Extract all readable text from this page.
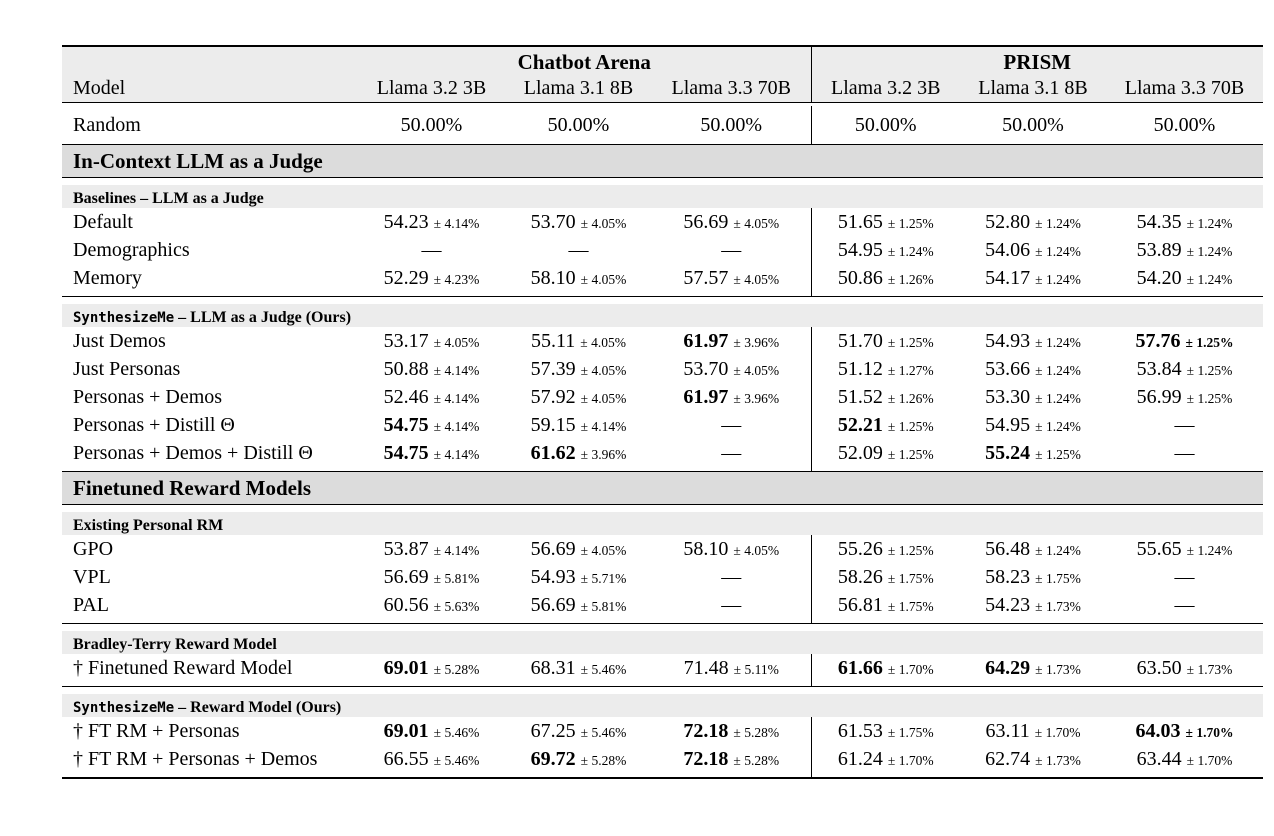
	Chatbot Arena			PRISM		
Model	Llama 3.2 3B	Llama 3.1 8B	Llama 3.3 70B	Llama 3.2 3B	Llama 3.1 8B	Llama 3.3 70B

Random	50.00%	50.00%	50.00%	50.00%	50.00%	50.00%
In-Context LLM as a Judge						

Baselines – LLM as a Judge						
Default	54.23 ± 4.14%	53.70 ± 4.05%	56.69 ± 4.05%	51.65 ± 1.25%	52.80 ± 1.24%	54.35 ± 1.24%
Demographics	—	—	—	54.95 ± 1.24%	54.06 ± 1.24%	53.89 ± 1.24%
Memory	52.29 ± 4.23%	58.10 ± 4.05%	57.57 ± 4.05%	50.86 ± 1.26%	54.17 ± 1.24%	54.20 ± 1.24%

SynthesizeMe – LLM as a Judge (Ours)						
Just Demos	53.17 ± 4.05%	55.11 ± 4.05%	61.97 ± 3.96%	51.70 ± 1.25%	54.93 ± 1.24%	57.76 ± 1.25%
Just Personas	50.88 ± 4.14%	57.39 ± 4.05%	53.70 ± 4.05%	51.12 ± 1.27%	53.66 ± 1.24%	53.84 ± 1.25%
Personas + Demos	52.46 ± 4.14%	57.92 ± 4.05%	61.97 ± 3.96%	51.52 ± 1.26%	53.30 ± 1.24%	56.99 ± 1.25%
Personas + Distill Θ	54.75 ± 4.14%	59.15 ± 4.14%	—	52.21 ± 1.25%	54.95 ± 1.24%	—
Personas + Demos + Distill Θ	54.75 ± 4.14%	61.62 ± 3.96%	—	52.09 ± 1.25%	55.24 ± 1.25%	—

Finetuned Reward Models						

Existing Personal RM						
GPO	53.87 ± 4.14%	56.69 ± 4.05%	58.10 ± 4.05%	55.26 ± 1.25%	56.48 ± 1.24%	55.65 ± 1.24%
VPL	56.69 ± 5.81%	54.93 ± 5.71%	—	58.26 ± 1.75%	58.23 ± 1.75%	—
PAL	60.56 ± 5.63%	56.69 ± 5.81%	—	56.81 ± 1.75%	54.23 ± 1.73%	—

Bradley-Terry Reward Model						
† Finetuned Reward Model	69.01 ± 5.28%	68.31 ± 5.46%	71.48 ± 5.11%	61.66 ± 1.70%	64.29 ± 1.73%	63.50 ± 1.73%

SynthesizeMe – Reward Model (Ours)						
† FT RM + Personas	69.01 ± 5.46%	67.25 ± 5.46%	72.18 ± 5.28%	61.53 ± 1.75%	63.11 ± 1.70%	64.03 ± 1.70%
† FT RM + Personas + Demos	66.55 ± 5.46%	69.72 ± 5.28%	72.18 ± 5.28%	61.24 ± 1.70%	62.74 ± 1.73%	63.44 ± 1.70%
